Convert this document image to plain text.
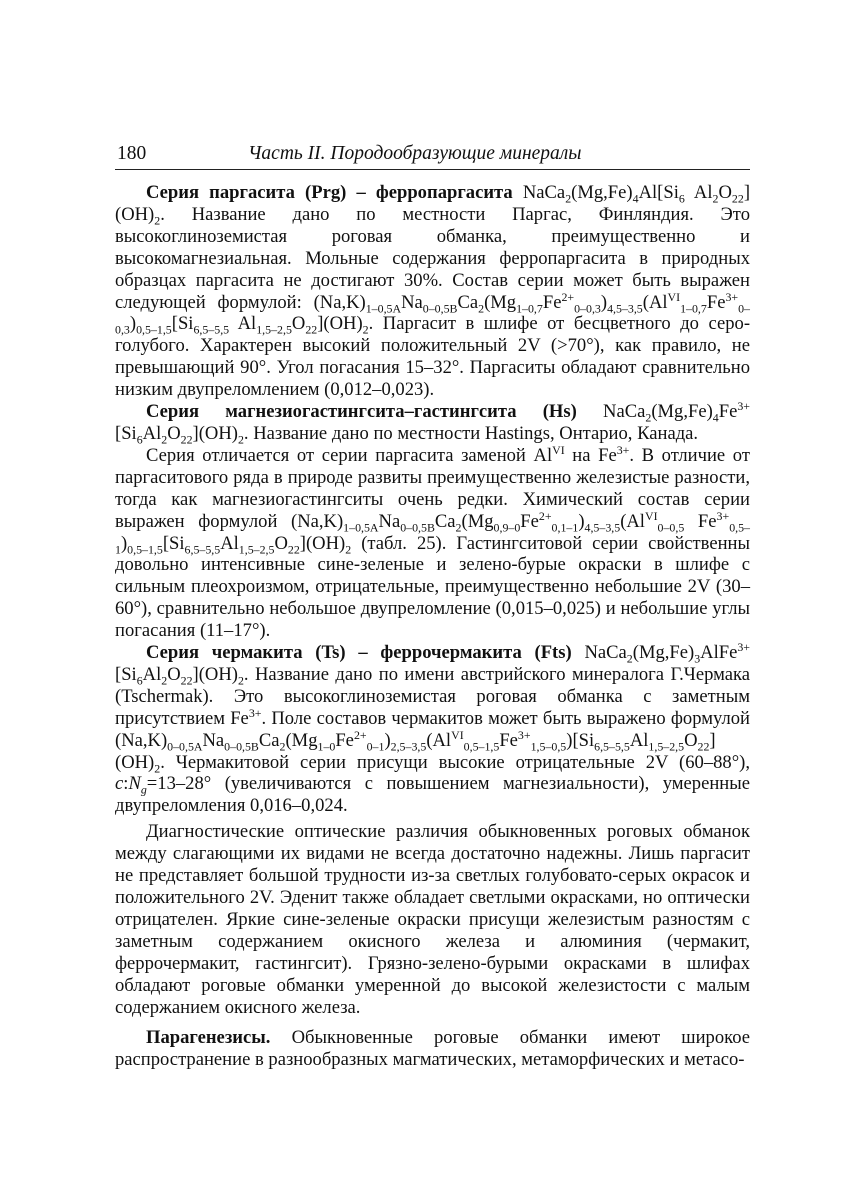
180	Часть II. Породообразующие минералы

Серия паргасита (Prg) – ферропаргасита $NaCa_2(Mg,Fe)_4Al[Si_6$ $Al_2O_{22}$] $(OH)_2$. Название дано по местности Паргас, Финляндия. Это высокоглиноземистая роговая обманка, преимущественно и высокомагнезиальная. Мольные содержания ферропаргасита в природных образцах паргасита не достигают 30%. Состав серии может быть выражен следующей формулой: $(Na,K)_{1-0,5A}Na_{0-0,5B}Ca_2(Mg_{1-0,7}Fe^{2+}_{0-0,3})_{4,5-3,5}(Al^{VI}_{1-0,7}Fe^{3+}_{0-0,3})_{0,5-1,5}[Si_{6,5-5,5}$ $Al_{1,5-2,5}O_{22}](OH)_2$. Паргасит в шлифе от бесцветного до серо-голубого. Характерен высокий положительный 2V (>70°), как правило, не превышающий 90°. Угол погасания 15–32°. Паргаситы обладают сравнительно низким двупреломлением (0,012–0,023).

Серия магнезиогастингсита–гастингсита (Hs) $NaCa_2(Mg,Fe)_4Fe^{3+}$ $[Si_6Al_2O_{22}](OH)_2$. Название дано по местности Hastings, Онтарио, Канада.

Серия отличается от серии паргасита заменой $Al^{VI}$ на $Fe^{3+}$. В отличие от паргаситового ряда в природе развиты преимущественно железистые разности, тогда как магнезиогастингситы очень редки. Химический состав серии выражен формулой $(Na,K)_{1-0,5A}Na_{0-0,5B}Ca_2(Mg_{0,9-0}Fe^{2+}_{0,1-1})_{4,5-3,5}(Al^{VI}_{0-0,5}$ $Fe^{3+}_{0,5-1})_{0,5-1,5}[Si_{6,5-5,5}Al_{1,5-2,5}O_{22}](OH)_2$ (табл. 25). Гастингситовой серии свойственны довольно интенсивные сине-зеленые и зелено-бурые окраски в шлифе с сильным плеохроизмом, отрицательные, преимущественно небольшие 2V (30–60°), сравнительно небольшое двупреломление (0,015–0,025) и небольшие углы погасания (11–17°).

Серия чермакита (Ts) – феррочермакита (Fts) $NaCa_2(Mg,Fe)_3AlFe^{3+}$ $[Si_6Al_2O_{22}](OH)_2$. Название дано по имени австрийского минералога Г.Чермака (Tschermak). Это высокоглиноземистая роговая обманка с заметным присутствием $Fe^{3+}$. Поле составов чермакитов может быть выражено формулой $(Na,K)_{0-0,5A}Na_{0-0,5B}Ca_2(Mg_{1-0}Fe^{2+}_{0-1})_{2,5-3,5}(Al^{VI}_{0,5-1,5}Fe^{3+}_{1,5-0,5})[Si_{6,5-5,5}Al_{1,5-2,5}O_{22}]$ $(OH)_2$. Чермакитовой серии присущи высокие отрицательные 2V (60–88°), $c:N_g=13-28^\circ$ (увеличиваются с повышением магнезиальности), умеренные двупреломления 0,016–0,024.

Диагностические оптические различия обыкновенных роговых обманок между слагающими их видами не всегда достаточно надежны. Лишь паргасит не представляет большой трудности из-за светлых голубовато-серых окрасок и положительного 2V. Эденит также обладает светлыми окрасками, но оптически отрицателен. Яркие сине-зеленые окраски присущи железистым разностям с заметным содержанием окисного железа и алюминия (чермакит, феррочермакит, гастингсит). Грязно-зелено-бурыми окрасками в шлифах обладают роговые обманки умеренной до высокой железистости с малым содержанием окисного железа.

Парагенезисы. Обыкновенные роговые обманки имеют широкое распространение в разнообразных магматических, метаморфических и метасо-
